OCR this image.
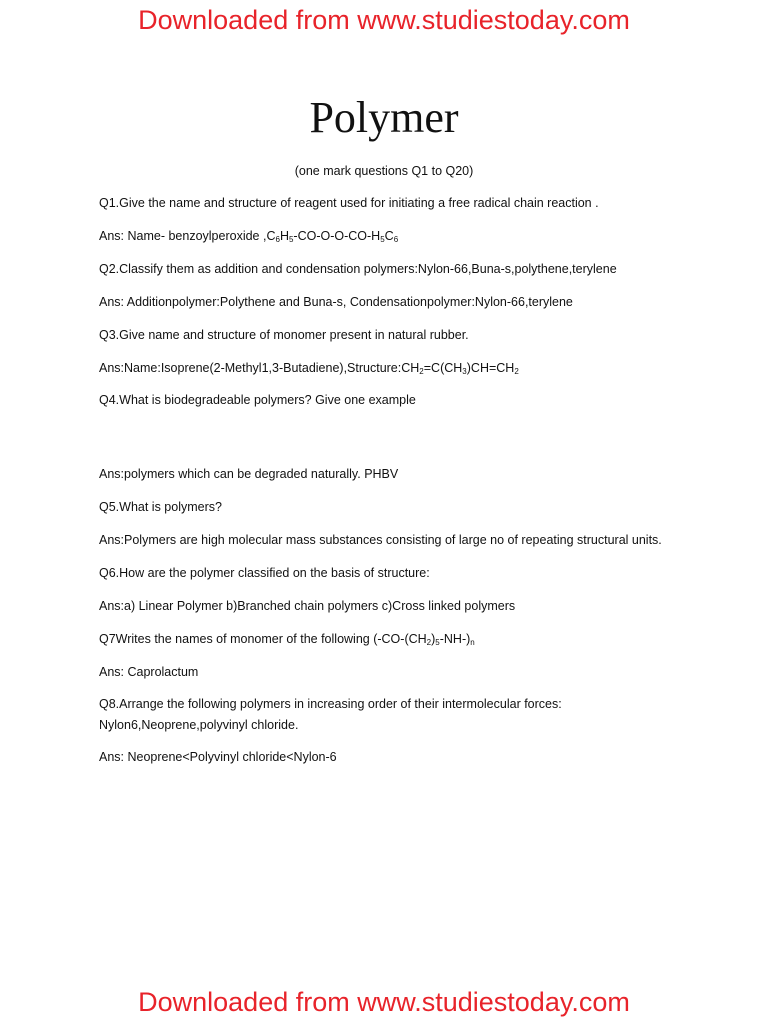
Downloaded from www.studiestoday.com
Polymer
(one mark questions Q1 to Q20)
Q1.Give the name and structure of reagent used for initiating a free radical chain reaction .
Ans: Name- benzoylperoxide $,C_6H_5-CO-O-O-CO-H_5C_6$
Q2.Classify them as addition and condensation polymers:Nylon-66,Buna-s,polythene,terylene
Ans: Additionpolymer:Polythene and Buna-s, Condensationpolymer:Nylon-66,terylene
Q3.Give name and structure of monomer present in natural rubber.
$Ans:Name:Isoprene(2-Methyl1,3-Butadiene),Structure:CH_2=C(CH_3)CH=CH_2$
Q4.What is biodegradeable polymers? Give one example
Ans:polymers which can be degraded naturally. PHBV
Q5.What is polymers?
Ans:Polymers are high molecular mass substances consisting of large no of repeating structural units.
Q6.How are the polymer classified on the basis of structure:
Ans:a) Linear Polymer b)Branched chain polymers c)Cross linked polymers
Q7Writes the names of monomer of the following $(-CO-(CH_2)_5-NH-)_n$
Ans: Caprolactum
Q8.Arrange the following polymers in increasing order of their intermolecular forces:
Nylon6,Neoprene,polyvinyl chloride.
Ans: Neoprene<Polyvinyl chloride<Nylon-6
Downloaded from www.studiestoday.com
